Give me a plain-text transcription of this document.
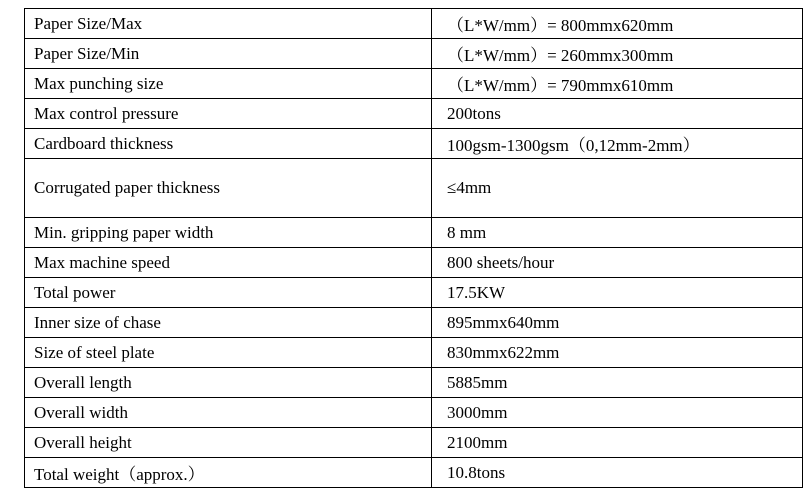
Paper Size/Max	（L*W/mm）= 800mmx620mm
Paper Size/Min	（L*W/mm）= 260mmx300mm
Max punching size	（L*W/mm）= 790mmx610mm
Max control pressure	200tons
Cardboard thickness	100gsm-1300gsm（0,12mm-2mm）
Corrugated paper thickness	≤4mm
Min. gripping paper width	8 mm
Max machine speed	800 sheets/hour
Total power	17.5KW
Inner size of chase	895mmx640mm
Size of steel plate	830mmx622mm
Overall length	5885mm
Overall width	3000mm
Overall height	2100mm
Total weight（approx.）	10.8tons
